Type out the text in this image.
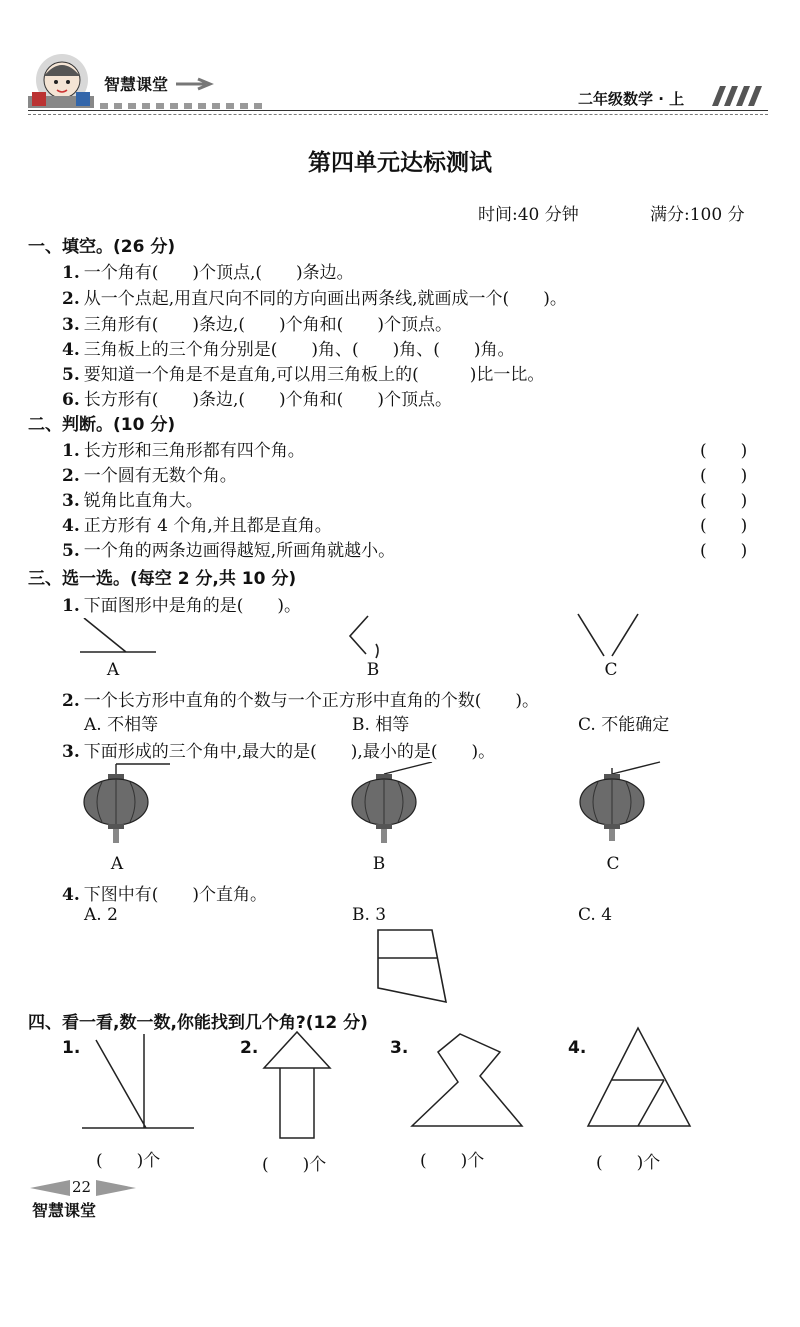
智慧课堂
二年级数学 · 上
第四单元达标测试
时间:40 分钟	满分:100 分
一、填空。(26 分)
1. 一个角有(　　)个顶点,(　　)条边。
2. 从一个点起,用直尺向不同的方向画出两条线,就画成一个(　　)。
3. 三角形有(　　)条边,(　　)个角和(　　)个顶点。
4. 三角板上的三个角分别是(　　)角、(　　)角、(　　)角。
5. 要知道一个角是不是直角,可以用三角板上的(　　　)比一比。
6. 长方形有(　　)条边,(　　)个角和(　　)个顶点。
二、判断。(10 分)
1. 长方形和三角形都有四个角。	(　　)
2. 一个圆有无数个角。	(　　)
3. 锐角比直角大。	(　　)
4. 正方形有 4 个角,并且都是直角。	(　　)
5. 一个角的两条边画得越短,所画角就越小。	(　　)
三、选一选。(每空 2 分,共 10 分)
1. 下面图形中是角的是(　　)。
A	B	C
2. 一个长方形中直角的个数与一个正方形中直角的个数(　　)。
A. 不相等	B. 相等	C. 不能确定
3. 下面形成的三个角中,最大的是(　　),最小的是(　　)。
A	B	C
4. 下图中有(　　)个直角。
A. 2	B. 3	C. 4
四、看一看,数一数,你能找到几个角?(12 分)
1.
(　　)个
2.
(　　)个
3.
(　　)个
4.
(　　)个
22
智慧课堂
